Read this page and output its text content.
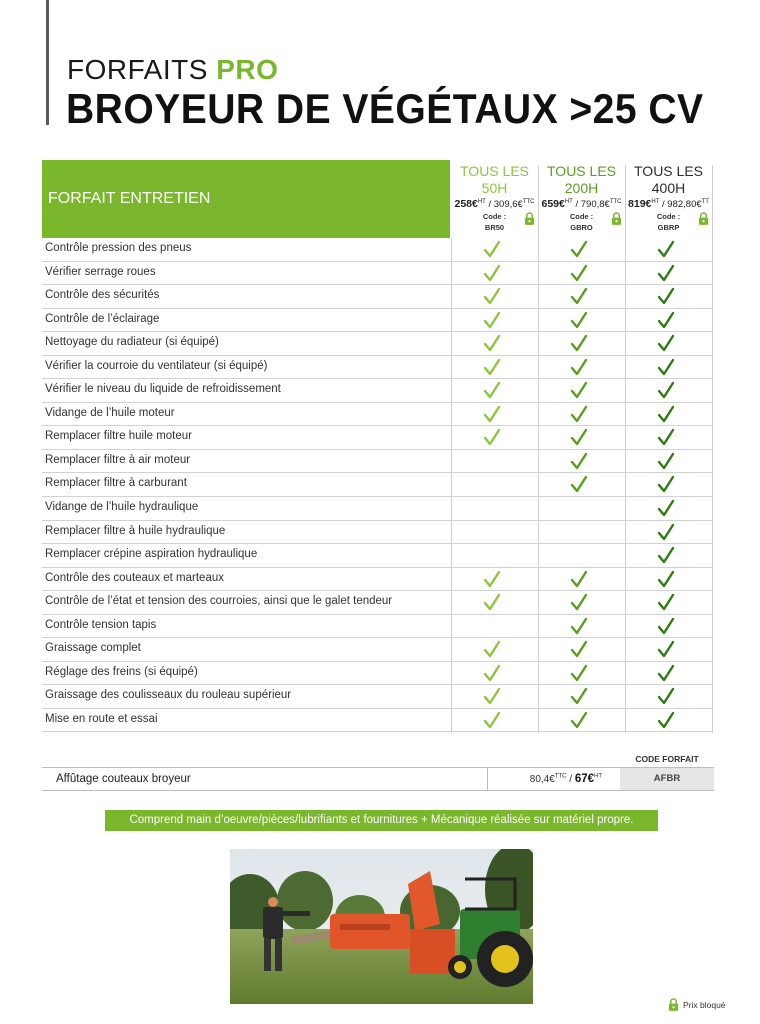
FORFAITS PRO
BROYEUR DE VÉGÉTAUX >25 CV
FORFAIT ENTRETIEN
TOUS LES
50H
258€$^{HT}$ / 309,6€$^{TTC}$
Code :
BR50
TOUS LES
200H
659€$^{HT}$ / 790,8€$^{TTC}$
Code :
GBRO
TOUS LES
400H
819€$^{HT}$ / 982,80€$^{TT}$
Code :
GBRP
Contrôle pression des pneus
Vérifier serrage roues
Contrôle des sécurités
Contrôle de l’éclairage
Nettoyage du radiateur (si équipé)
Vérifier la courroie du ventilateur (si équipé)
Vérifier le niveau du liquide de refroidissement
Vidange de l’huile moteur
Remplacer filtre huile moteur
Remplacer filtre à air moteur
Remplacer filtre à carburant
Vidange de l’huile hydraulique
Remplacer filtre à huile hydraulique
Remplacer crépine aspiration hydraulique
Contrôle des couteaux et marteaux
Contrôle de l’état et tension des courroies, ainsi que le galet tendeur
Contrôle tension tapis
Graissage complet
Réglage des freins (si équipé)
Graissage des coulisseaux du rouleau supérieur
Mise en route et essai
CODE FORFAIT
Affûtage couteaux broyeur	80,4€$^{TTC}$ / 67€$^{HT}$	AFBR
Comprend main d’oeuvre/pièces/lubrifiants et fournitures + Mécanique réalisée sur matériel propre.
Prix bloqué
